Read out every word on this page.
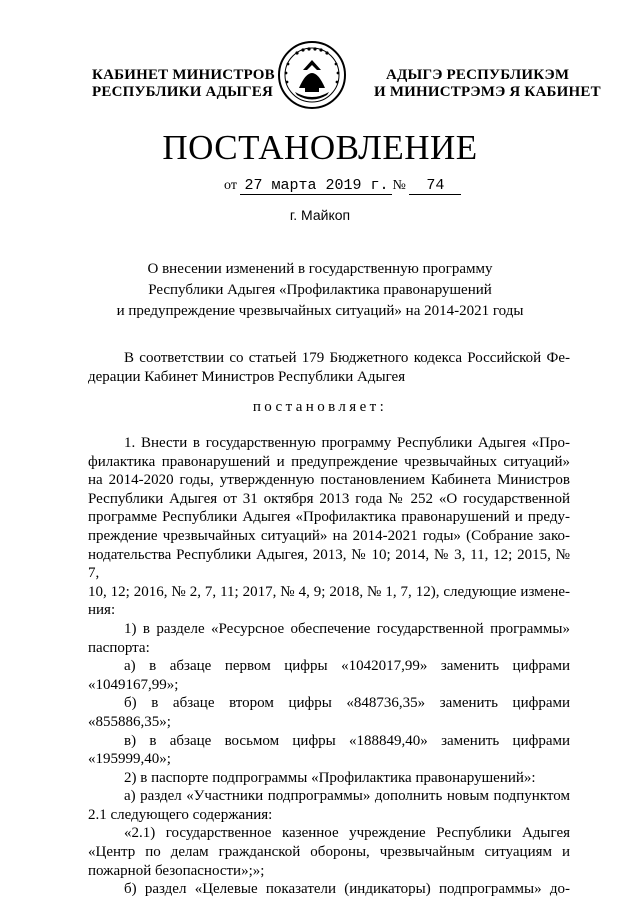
КАБИНЕТ МИНИСТРОВ
РЕСПУБЛИКИ АДЫГЕЯ
АДЫГЭ РЕСПУБЛИКЭМ
И МИНИСТРЭМЭ Я КАБИНЕТ
ПОСТАНОВЛЕНИЕ
от 27 марта 2019 г. № 74
г. Майкоп
О внесении изменений в государственную программу
Республики Адыгея «Профилактика правонарушений
и предупреждение чрезвычайных ситуаций» на 2014-2021 годы

В соответствии со статьей 179 Бюджетного кодекса Российской Фе-

дерации Кабинет Министров Республики Адыгея

постановляет:

1. Внести в государственную программу Республики Адыгея «Про-

филактика правонарушений и предупреждение чрезвычайных ситуаций»

на 2014-2020 годы, утвержденную постановлением Кабинета Министров

Республики Адыгея от 31 октября 2013 года № 252 «О государственной

программе Республики Адыгея «Профилактика правонарушений и преду-

преждение чрезвычайных ситуаций» на 2014-2021 годы» (Собрание зако-

нодательства Республики Адыгея, 2013, № 10; 2014, № 3, 11, 12; 2015, № 7,

10, 12; 2016, № 2, 7, 11; 2017, № 4, 9; 2018, № 1, 7, 12), следующие измене-

ния:

1) в разделе «Ресурсное обеспечение государственной программы»

паспорта:

а) в абзаце первом цифры «1042017,99» заменить цифрами

«1049167,99»;

б) в абзаце втором цифры «848736,35» заменить цифрами

«855886,35»;

в) в абзаце восьмом цифры «188849,40» заменить цифрами

«195999,40»;

2) в паспорте подпрограммы «Профилактика правонарушений»:

а) раздел «Участники подпрограммы» дополнить новым подпунктом

2.1 следующего содержания:

«2.1) государственное казенное учреждение Республики Адыгея

«Центр по делам гражданской обороны, чрезвычайным ситуациям и

пожарной безопасности»;»;

б) раздел «Целевые показатели (индикаторы) подпрограммы» до-
